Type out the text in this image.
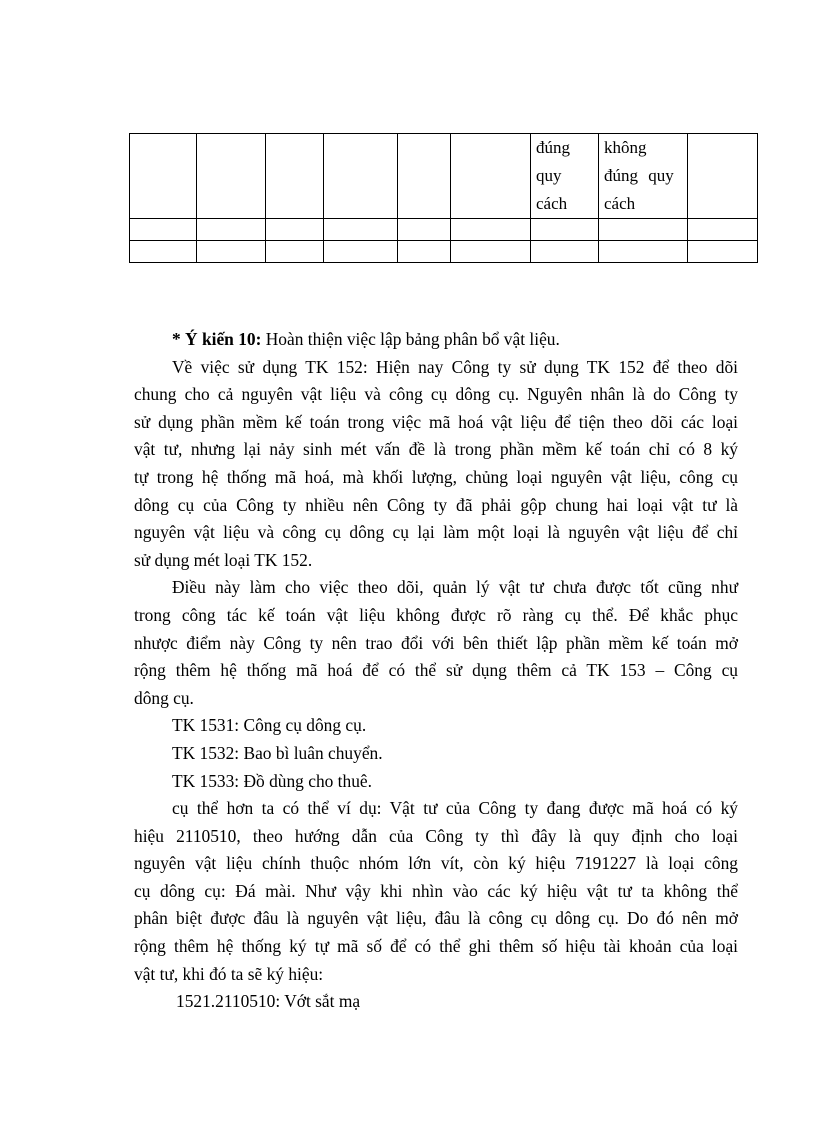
						đúng
quy
cách	không
đúng quy
cách	

* Ý kiến 10: Hoàn thiện việc lập bảng phân bổ vật liệu.

Về việc sử dụng TK 152: Hiện nay Công ty sử dụng TK 152 để theo dõi
chung cho cả nguyên vật liệu và công cụ dông cụ. Nguyên nhân là do Công ty
sử dụng phần mềm kế toán trong việc mã hoá vật liệu để tiện theo dõi các loại
vật tư, nhưng lại nảy sinh mét vấn đề là trong phần mềm kế toán chỉ có 8 ký
tự trong hệ thống mã hoá, mà khối lượng, chủng loại nguyên vật liệu, công cụ
dông cụ của Công ty nhiều nên Công ty đã phải gộp chung hai loại vật tư là
nguyên vật liệu và công cụ dông cụ lại làm một loại là nguyên vật liệu để chỉ
sử dụng mét loại TK 152.

Điều này làm cho việc theo dõi, quản lý vật tư chưa được tốt cũng như
trong công tác kế toán vật liệu không được rõ ràng cụ thể. Để khắc phục
nhược điểm này Công ty nên trao đổi với bên thiết lập phần mềm kế toán mở
rộng thêm hệ thống mã hoá để có thể sử dụng thêm cả TK 153 – Công cụ
dông cụ.

TK 1531: Công cụ dông cụ.
TK 1532: Bao bì luân chuyển.
TK 1533: Đồ dùng cho thuê.

cụ thể hơn ta có thể ví dụ: Vật tư của Công ty đang được mã hoá có ký
hiệu 2110510, theo hướng dẫn của Công ty thì đây là quy định cho loại
nguyên vật liệu chính thuộc nhóm lớn vít, còn ký hiệu 7191227 là loại công
cụ dông cụ: Đá mài. Như vậy khi nhìn vào các ký hiệu vật tư ta không thể
phân biệt được đâu là nguyên vật liệu, đâu là công cụ dông cụ. Do đó nên mở
rộng thêm hệ thống ký tự mã số để có thể ghi thêm số hiệu tài khoản của loại
vật tư, khi đó ta sẽ ký hiệu:

1521.2110510: Vớt sắt mạ
